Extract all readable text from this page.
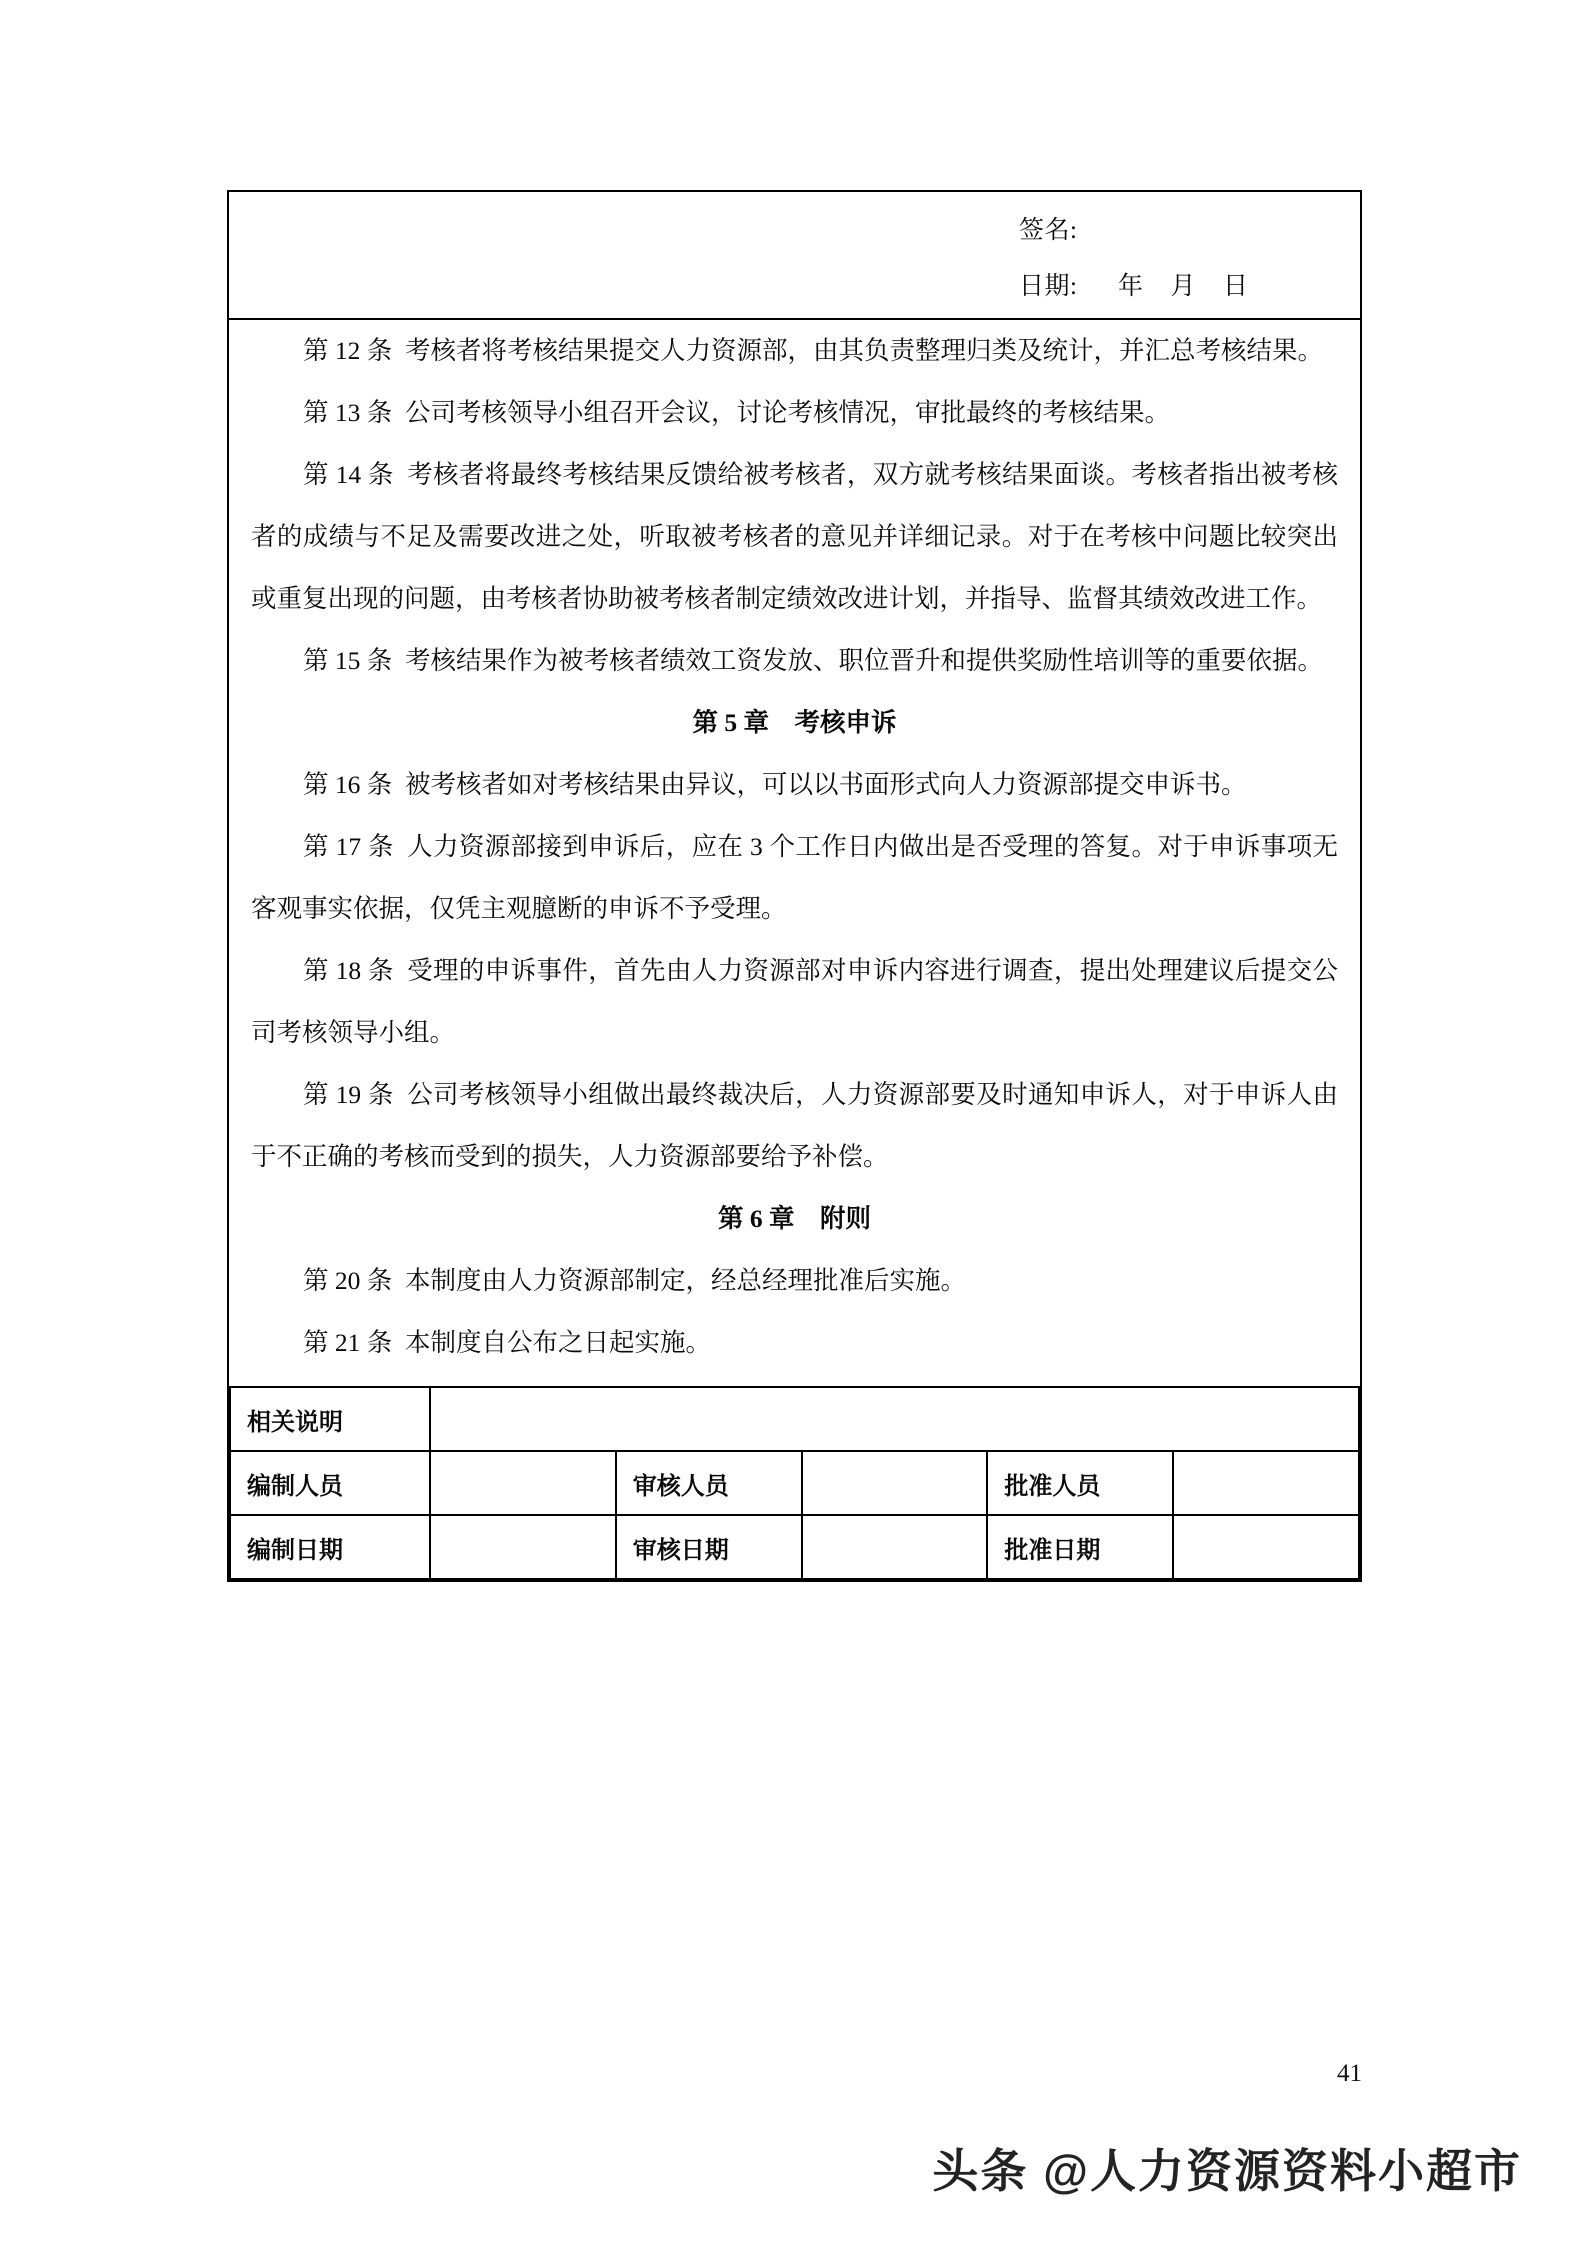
签名:
日期:      年    月    日

第 12 条  考核者将考核结果提交人力资源部，由其负责整理归类及统计，并汇总考核结果。

第 13 条  公司考核领导小组召开会议，讨论考核情况，审批最终的考核结果。

第 14 条  考核者将最终考核结果反馈给被考核者，双方就考核结果面谈。考核者指出被考核者的成绩与不足及需要改进之处，听取被考核者的意见并详细记录。对于在考核中问题比较突出或重复出现的问题，由考核者协助被考核者制定绩效改进计划，并指导、监督其绩效改进工作。

第 15 条  考核结果作为被考核者绩效工资发放、职位晋升和提供奖励性培训等的重要依据。

第 5 章　考核申诉

第 16 条  被考核者如对考核结果由异议，可以以书面形式向人力资源部提交申诉书。

第 17 条  人力资源部接到申诉后，应在 3 个工作日内做出是否受理的答复。对于申诉事项无客观事实依据，仅凭主观臆断的申诉不予受理。

第 18 条  受理的申诉事件，首先由人力资源部对申诉内容进行调查，提出处理建议后提交公司考核领导小组。

第 19 条  公司考核领导小组做出最终裁决后，人力资源部要及时通知申诉人，对于申诉人由于不正确的考核而受到的损失，人力资源部要给予补偿。

第 6 章　附则

第 20 条  本制度由人力资源部制定，经总经理批准后实施。

第 21 条  本制度自公布之日起实施。

相关说明					
编制人员		审核人员		批准人员	
编制日期		审核日期		批准日期	
41
头条 @人力资源资料小超市
